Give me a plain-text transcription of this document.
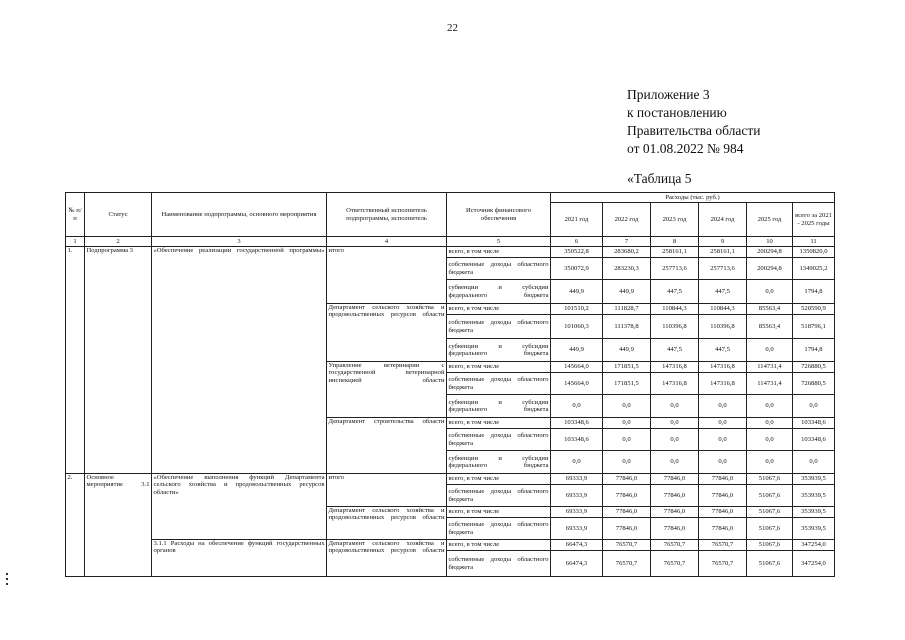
22
Приложение 3
к постановлению
Правительства области
от 01.08.2022 № 984
«Таблица 5
№ п/п	Статус	Наименование подпрограммы, основного мероприятия	Ответственный исполнитель подпрограммы, исполнитель	Источник финансового обеспечения	Расходы (тыс. руб.)					
					2021 год	2022 год	2023 год	2024 год	2025 год	всего за 2021 - 2025 годы
1	2	3	4	5	6	7	8	9	10	11
1.	Подпрограмма 3	«Обеспечение реализации государственной программы»	итого	всего, в том числе	350522,8	283680,2	258161,1	258161,1	200294,8	1350820,0
				собственные доходы областного бюджета	350072,9	283230,3	257713,6	257713,6	200294,8	1349025,2
				субвенции и субсидии федерального бюджета	449,9	449,9	447,5	447,5	0,0	1794,8
			Департамент сельского хозяйства и продовольственных ресурсов области	всего, в том числе	101510,2	111828,7	110844,3	110844,3	85563,4	520590,9
				собственные доходы областного бюджета	101060,3	111378,8	110396,8	110396,8	85563,4	518796,1
				субвенции и субсидии федерального бюджета	449,9	449,9	447,5	447,5	0,0	1794,8
			Управление ветеринарии с государственной ветеринарной инспекцией области	всего, в том числе	145664,0	171851,5	147316,8	147316,8	114731,4	726880,5
				собственные доходы областного бюджета	145664,0	171851,5	147316,8	147316,8	114731,4	726880,5
				субвенции и субсидии федерального бюджета	0,0	0,0	0,0	0,0	0,0	0,0
			Департамент строительства области	всего, в том числе	103348,6	0,0	0,0	0,0	0,0	103348,6
				собственные доходы областного бюджета	103348,6	0,0	0,0	0,0	0,0	103348,6
				субвенции и субсидии федерального бюджета	0,0	0,0	0,0	0,0	0,0	0,0
2.	Основное мероприятие 3.1	«Обеспечение выполнения функций Департамента сельского хозяйства и продовольственных ресурсов области»	итого	всего, в том числе	69333,9	77846,0	77846,0	77846,0	51067,6	353939,5
				собственные доходы областного бюджета	69333,9	77846,0	77846,0	77846,0	51067,6	353939,5
			Департамент сельского хозяйства и продовольственных ресурсов области	всего, в том числе	69333,9	77846,0	77846,0	77846,0	51067,6	353939,5
				собственные доходы областного бюджета	69333,9	77846,0	77846,0	77846,0	51067,6	353939,5
		3.1.1 Расходы на обеспечение функций государственных органов	Департамент сельского хозяйства и продовольственных ресурсов области	всего, в том числе	66474,3	76570,7	76570,7	76570,7	51067,6	347254,0
				собственные доходы областного бюджета	66474,3	76570,7	76570,7	76570,7	51067,6	347254,0
